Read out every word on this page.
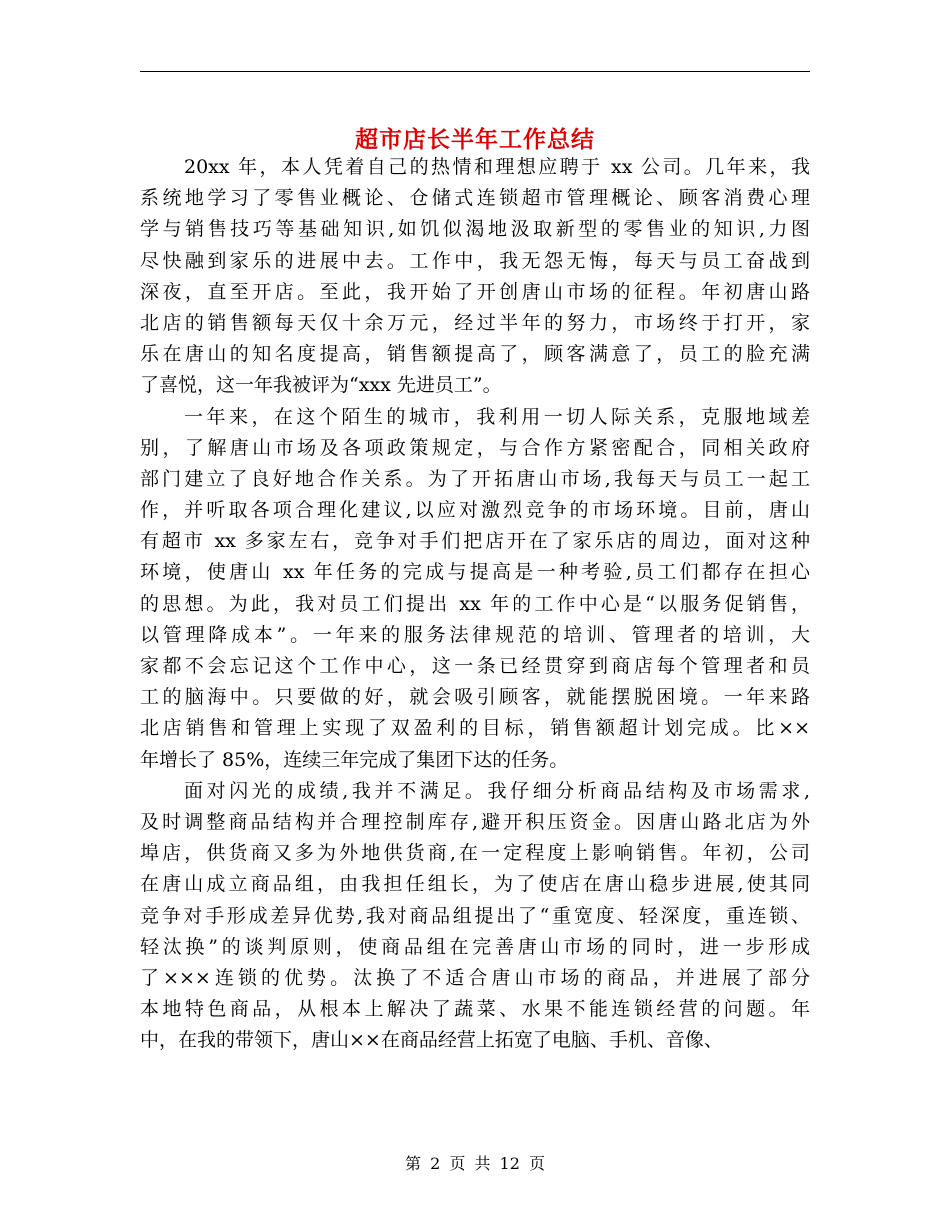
超市店长半年工作总结

20xx 年，本人凭着自己的热情和理想应聘于 xx 公司。几年来，我
系统地学习了零售业概论、仓储式连锁超市管理概论、顾客消费心理
学与销售技巧等基础知识,如饥似渴地汲取新型的零售业的知识,力图
尽快融到家乐的进展中去。工作中，我无怨无悔，每天与员工奋战到
深夜，直至开店。至此，我开始了开创唐山市场的征程。年初唐山路
北店的销售额每天仅十余万元，经过半年的努力，市场终于打开，家
乐在唐山的知名度提高，销售额提高了，顾客满意了，员工的脸充满
了喜悦，这一年我被评为“xxx 先进员工”。

一年来，在这个陌生的城市，我利用一切人际关系，克服地域差
别，了解唐山市场及各项政策规定，与合作方紧密配合，同相关政府
部门建立了良好地合作关系。为了开拓唐山市场,我每天与员工一起工
作，并听取各项合理化建议,以应对激烈竞争的市场环境。目前，唐山
有超市 xx 多家左右，竞争对手们把店开在了家乐店的周边，面对这种
环境，使唐山 xx 年任务的完成与提高是一种考验,员工们都存在担心
的思想。为此，我对员工们提出 xx 年的工作中心是“以服务促销售，
以管理降成本”。一年来的服务法律规范的培训、管理者的培训，大
家都不会忘记这个工作中心，这一条已经贯穿到商店每个管理者和员
工的脑海中。只要做的好，就会吸引顾客，就能摆脱困境。一年来路
北店销售和管理上实现了双盈利的目标，销售额超计划完成。比××
年增长了 85%，连续三年完成了集团下达的任务。

面对闪光的成绩,我并不满足。我仔细分析商品结构及市场需求,
及时调整商品结构并合理控制库存,避开积压资金。因唐山路北店为外
埠店，供货商又多为外地供货商,在一定程度上影响销售。年初，公司
在唐山成立商品组，由我担任组长，为了使店在唐山稳步进展,使其同
竞争对手形成差异优势,我对商品组提出了“重宽度、轻深度，重连锁、
轻汰换”的谈判原则，使商品组在完善唐山市场的同时，进一步形成
了×××连锁的优势。汰换了不适合唐山市场的商品，并进展了部分
本地特色商品，从根本上解决了蔬菜、水果不能连锁经营的问题。年
中，在我的带领下，唐山××在商品经营上拓宽了电脑、手机、音像、

第 2 页 共 12 页
